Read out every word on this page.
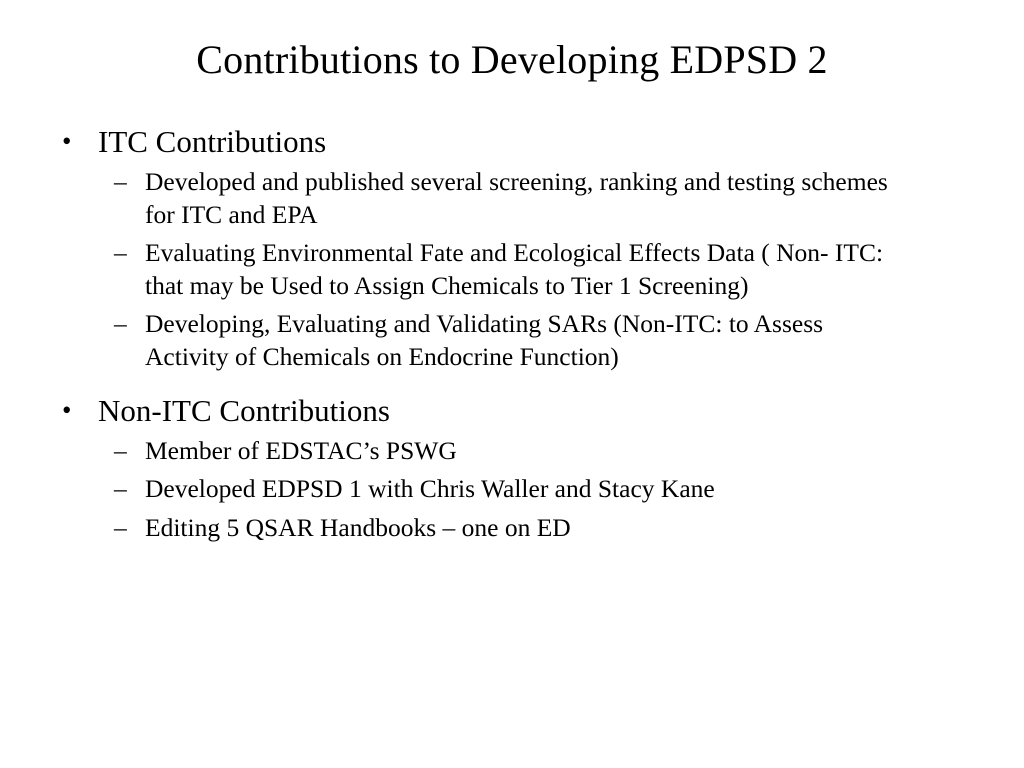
Contributions to Developing EDPSD 2
• ITC Contributions
– Developed and published several screening, ranking and testing schemes for ITC and EPA
– Evaluating Environmental Fate and Ecological Effects Data ( Non- ITC: that may be Used to Assign Chemicals to Tier 1 Screening)
– Developing, Evaluating and Validating SARs (Non-ITC: to Assess Activity of Chemicals on Endocrine Function)
• Non-ITC Contributions
– Member of EDSTAC’s PSWG
– Developed EDPSD 1 with Chris Waller and Stacy Kane
– Editing 5 QSAR Handbooks – one on ED
